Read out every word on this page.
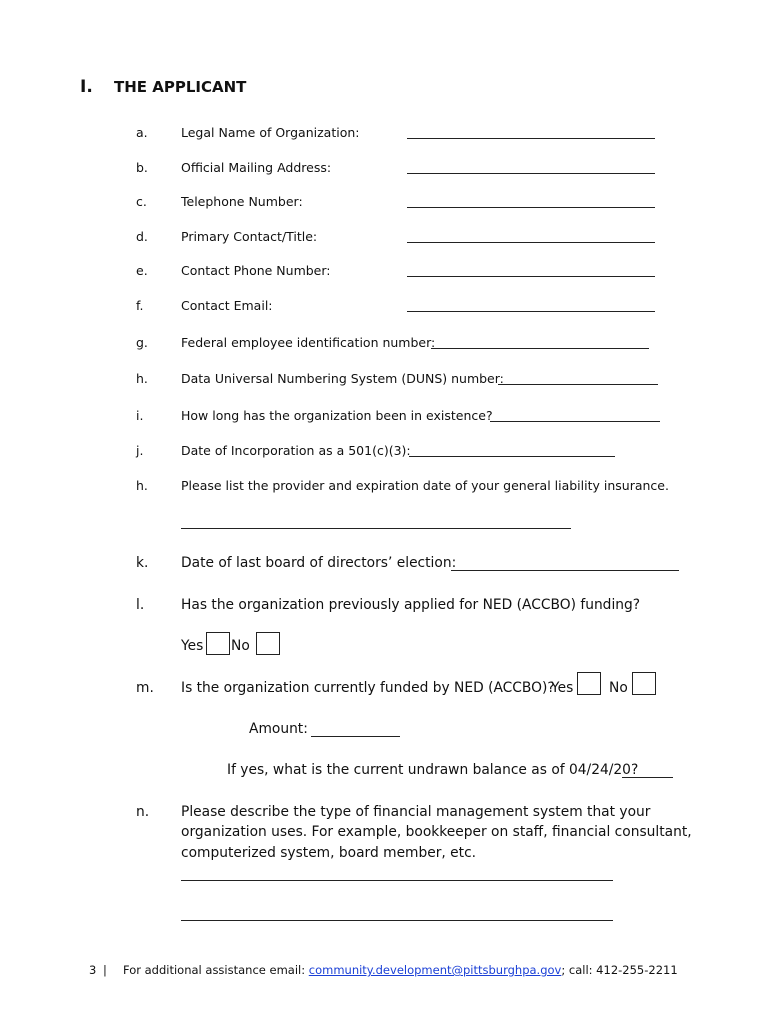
I. THE APPLICANT
a.	Legal Name of Organization:
b.	Official Mailing Address:
c.	Telephone Number:
d.	Primary Contact/Title:
e.	Contact Phone Number:
f.	Contact Email:
g.	Federal employee identification number:
h.	Data Universal Numbering System (DUNS) number:
i.	How long has the organization been in existence?
j.	Date of Incorporation as a 501(c)(3):
h.	Please list the provider and expiration date of your general liability insurance.
k. Date of last board of directors’ election:
l.	Has the organization previously applied for NED (ACCBO) funding?
Yes No
m. Is the organization currently funded by NED (ACCBO)?
Yes	No
Amount:
If yes, what is the current undrawn balance as of 04/24/20?
n. Please describe the type of financial management system that your
organization uses. For example, bookkeeper on staff, financial consultant,
computerized system, board member, etc.
3 | For additional assistance email: community.development@pittsburghpa.gov; call: 412-255-2211
